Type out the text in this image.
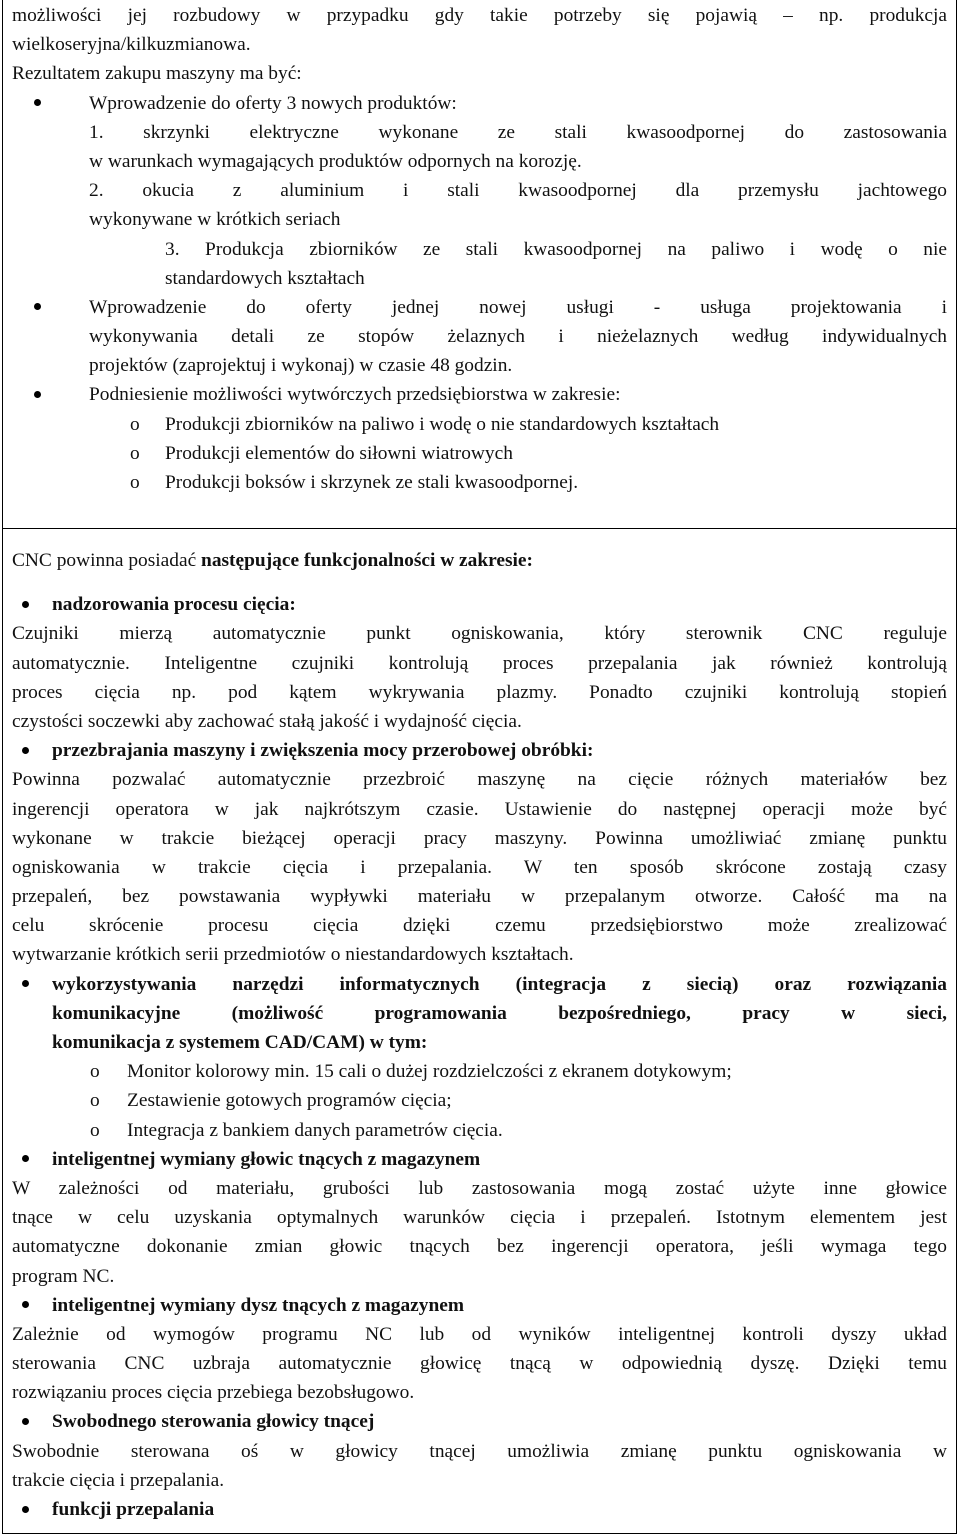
możliwości jej rozbudowy w przypadku gdy takie potrzeby się pojawią – np. produkcja
wielkoseryjna/kilkuzmianowa.
Rezultatem zakupu maszyny ma być:
Wprowadzenie do oferty 3 nowych produktów:
1. skrzynki elektryczne wykonane ze stali kwasoodpornej do zastosowania
w warunkach wymagających produktów odpornych na korozję.
2. okucia z aluminium i stali kwasoodpornej dla przemysłu jachtowego
wykonywane w krótkich seriach
3. Produkcja zbiorników ze stali kwasoodpornej na paliwo i wodę o nie
standardowych kształtach
Wprowadzenie do oferty jednej nowej usługi - usługa projektowania i
wykonywania detali ze stopów żelaznych i nieżelaznych według indywidualnych
projektów (zaprojektuj i wykonaj) w czasie 48 godzin.
Podniesienie możliwości wytwórczych przedsiębiorstwa w zakresie:
o Produkcji zbiorników na paliwo i wodę o nie standardowych kształtach
o Produkcji elementów do siłowni wiatrowych
o Produkcji boksów i skrzynek ze stali kwasoodpornej.
CNC powinna posiadać następujące funkcjonalności w zakresie:
nadzorowania procesu cięcia:
Czujniki mierzą automatycznie punkt ogniskowania, który sterownik CNC reguluje
automatycznie. Inteligentne czujniki kontrolują proces przepalania jak również kontrolują
proces cięcia np. pod kątem wykrywania plazmy. Ponadto czujniki kontrolują stopień
czystości soczewki aby zachować stałą jakość i wydajność cięcia.
przezbrajania maszyny i zwiększenia mocy przerobowej obróbki:
Powinna pozwalać automatycznie przezbroić maszynę na cięcie różnych materiałów bez
ingerencji operatora w jak najkrótszym czasie. Ustawienie do następnej operacji może być
wykonane w trakcie bieżącej operacji pracy maszyny. Powinna umożliwiać zmianę punktu
ogniskowania w trakcie cięcia i przepalania. W ten sposób skrócone zostają czasy
przepaleń, bez powstawania wypływki materiału w przepalanym otworze. Całość ma na
celu skrócenie procesu cięcia dzięki czemu przedsiębiorstwo może zrealizować
wytwarzanie krótkich serii przedmiotów o niestandardowych kształtach.
wykorzystywania narzędzi informatycznych (integracja z siecią) oraz rozwiązania
komunikacyjne (możliwość programowania bezpośredniego, pracy w sieci,
komunikacja z systemem CAD/CAM) w tym:
o Monitor kolorowy min. 15 cali o dużej rozdzielczości z ekranem dotykowym;
o Zestawienie gotowych programów cięcia;
o Integracja z bankiem danych parametrów cięcia.
inteligentnej wymiany głowic tnących z magazynem
W zależności od materiału, grubości lub zastosowania mogą zostać użyte inne głowice
tnące w celu uzyskania optymalnych warunków cięcia i przepaleń. Istotnym elementem jest
automatyczne dokonanie zmian głowic tnących bez ingerencji operatora, jeśli wymaga tego
program NC.
inteligentnej wymiany dysz tnących z magazynem
Zależnie od wymogów programu NC lub od wyników inteligentnej kontroli dyszy układ
sterowania CNC uzbraja automatycznie głowicę tnącą w odpowiednią dyszę. Dzięki temu
rozwiązaniu proces cięcia przebiega bezobsługowo.
Swobodnego sterowania głowicy tnącej
Swobodnie sterowana oś w głowicy tnącej umożliwia zmianę punktu ogniskowania w
trakcie cięcia i przepalania.
funkcji przepalania
